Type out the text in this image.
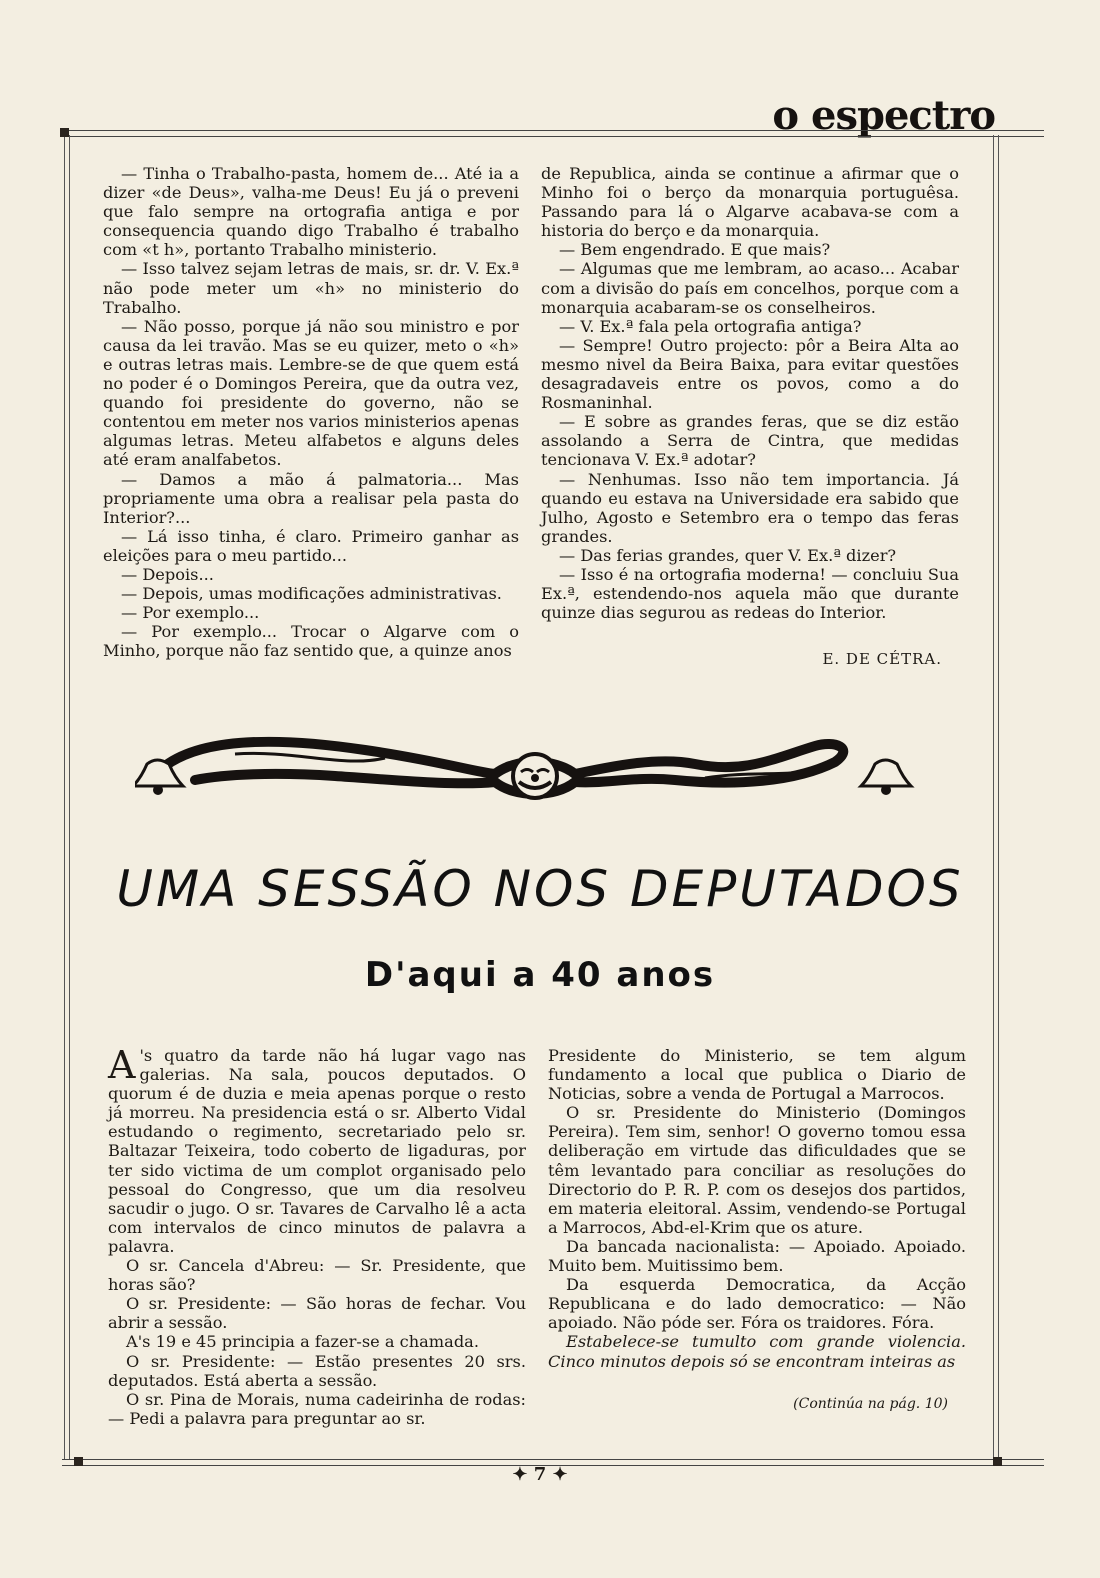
o espectro

— Tinha o Trabalho-pasta, homem de... Até ia a dizer «de Deus», valha-me Deus! Eu já o preveni que falo sempre na ortografia antiga e por consequencia quando digo Trabalho é trabalho com «t h», portanto Trabalho ministerio.

— Isso talvez sejam letras de mais, sr. dr. V. Ex.ª não pode meter um «h» no ministerio do Trabalho.

— Não posso, porque já não sou ministro e por causa da lei travão. Mas se eu quizer, meto o «h» e outras letras mais. Lembre-se de que quem está no poder é o Domingos Pereira, que da outra vez, quando foi presidente do governo, não se contentou em meter nos varios ministerios apenas algumas letras. Meteu alfabetos e alguns deles até eram analfabetos.

— Damos a mão á palmatoria... Mas propriamente uma obra a realisar pela pasta do Interior?...

— Lá isso tinha, é claro. Primeiro ganhar as eleições para o meu partido...

— Depois...

— Depois, umas modificações administrativas.

— Por exemplo...

— Por exemplo... Trocar o Algarve com o Minho, porque não faz sentido que, a quinze anos

de Republica, ainda se continue a afirmar que o Minho foi o berço da monarquia portuguêsa. Passando para lá o Algarve acabava-se com a historia do berço e da monarquia.

— Bem engendrado. E que mais?

— Algumas que me lembram, ao acaso... Acabar com a divisão do país em concelhos, porque com a monarquia acabaram-se os conselheiros.

— V. Ex.ª fala pela ortografia antiga?

— Sempre! Outro projecto: pôr a Beira Alta ao mesmo nivel da Beira Baixa, para evitar questões desagradaveis entre os povos, como a do Rosmaninhal.

— E sobre as grandes feras, que se diz estão assolando a Serra de Cintra, que medidas tencionava V. Ex.ª adotar?

— Nenhumas. Isso não tem importancia. Já quando eu estava na Universidade era sabido que Julho, Agosto e Setembro era o tempo das feras grandes.

— Das ferias grandes, quer V. Ex.ª dizer?

— Isso é na ortografia moderna! — concluiu Sua Ex.ª, estendendo-nos aquela mão que durante quinze dias segurou as redeas do Interior.

E. DE CÉTRA.
UMA SESSÃO NOS DEPUTADOS
D'aqui a 40 anos

A 's quatro da tarde não há lugar vago nas galerias. Na sala, poucos deputados. O quorum é de duzia e meia apenas porque o resto já morreu. Na presidencia está o sr. Alberto Vidal estudando o regimento, secretariado pelo sr. Baltazar Teixeira, todo coberto de ligaduras, por ter sido victima de um complot organisado pelo pessoal do Congresso, que um dia resolveu sacudir o jugo. O sr. Tavares de Carvalho lê a acta com intervalos de cinco minutos de palavra a palavra.

O sr. Cancela d'Abreu: — Sr. Presidente, que horas são?

O sr. Presidente: — São horas de fechar. Vou abrir a sessão.

A's 19 e 45 principia a fazer-se a chamada.

O sr. Presidente: — Estão presentes 20 srs. deputados. Está aberta a sessão.

O sr. Pina de Morais, numa cadeirinha de rodas: — Pedi a palavra para preguntar ao sr.

Presidente do Ministerio, se tem algum fundamento a local que publica o Diario de Noticias, sobre a venda de Portugal a Marrocos.

O sr. Presidente do Ministerio (Domingos Pereira). Tem sim, senhor! O governo tomou essa deliberação em virtude das dificuldades que se têm levantado para conciliar as resoluções do Directorio do P. R. P. com os desejos dos partidos, em materia eleitoral. Assim, vendendo-se Portugal a Marrocos, Abd-el-Krim que os ature.

Da bancada nacionalista: — Apoiado. Apoiado. Muito bem. Muitissimo bem.

Da esquerda Democratica, da Acção Republicana e do lado democratico: — Não apoiado. Não póde ser. Fóra os traidores. Fóra.

Estabelece-se tumulto com grande violencia. Cinco minutos depois só se encontram inteiras as

(Continúa na pág. 10)
✦ 7 ✦
